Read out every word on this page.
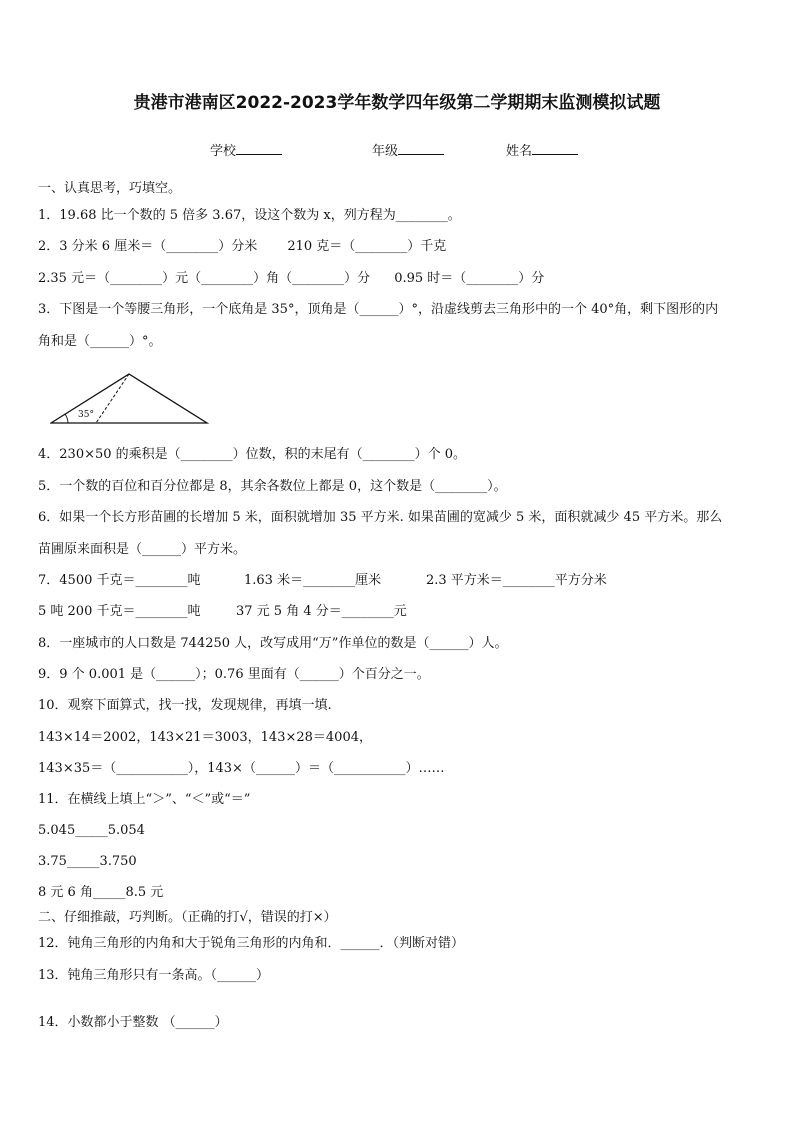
贵港市港南区2022-2023学年数学四年级第二学期期末监测模拟试题
学校	年级	姓名
一、认真思考，巧填空。
1．19.68 比一个数的 5 倍多 3.67，设这个数为 x，列方程为________。
2．3 分米 6 厘米＝（________）分米 210 克＝（________）千克
2.35 元＝（________）元（________）角（________）分 0.95 时＝（________）分
3．下图是一个等腰三角形，一个底角是 35°，顶角是（______）°，沿虚线剪去三角形中的一个 40°角，剩下图形的内
角和是（______）°。
35°
4．230×50 的乘积是（________）位数，积的末尾有（________）个 0。
5．一个数的百位和百分位都是 8，其余各数位上都是 0，这个数是（________）。
6．如果一个长方形苗圃的长增加 5 米，面积就增加 35 平方米. 如果苗圃的宽减少 5 米，面积就减少 45 平方米。那么
苗圃原来面积是（______）平方米。
7．4500 千克＝________吨	1.63 米＝________厘米	2.3 平方米＝________平方分米
5 吨 200 千克＝________吨	37 元 5 角 4 分＝________元
8．一座城市的人口数是 744250 人，改写成用“万”作单位的数是（______）人。
9．9 个 0.001 是（______）；0.76 里面有（______）个百分之一。
10．观察下面算式，找一找，发现规律，再填一填.
143×14＝2002，143×21＝3003，143×28＝4004，
143×35＝（___________），143×（______）＝（___________）……
11．在横线上填上“＞”、“＜”或“＝”
5.045_____5.054
3.75_____3.750
8 元 6 角_____8.5 元
二、仔细推敲，巧判断。（正确的打√，错误的打×）
12．钝角三角形的内角和大于锐角三角形的内角和．______．（判断对错）
13．钝角三角形只有一条高。（______）
14．小数都小于整数 （______）
